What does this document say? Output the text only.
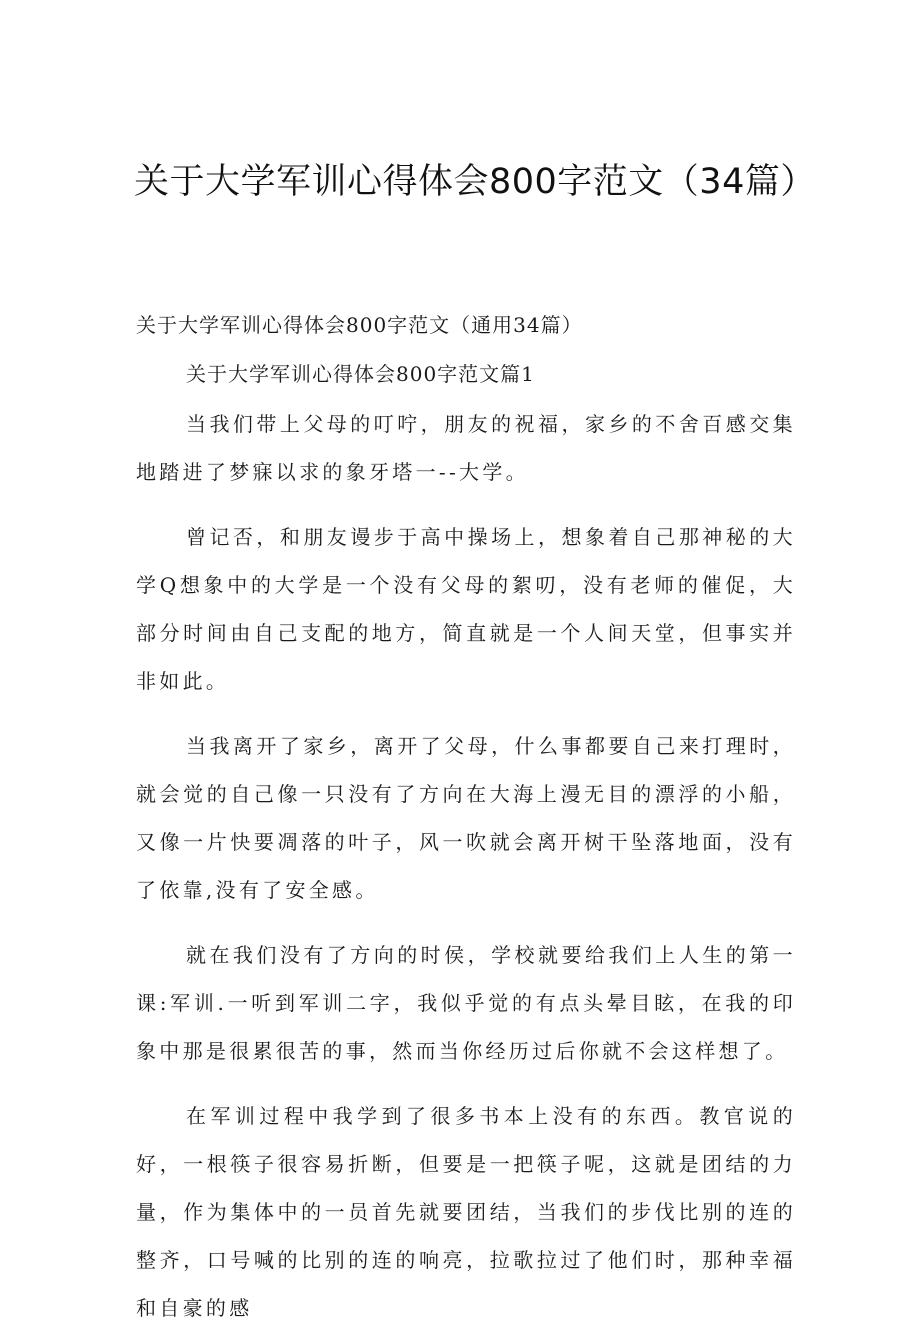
关于大学军训心得体会800字范文（34篇）

关于大学军训心得体会800字范文（通用34篇）

关于大学军训心得体会800字范文篇1

当我们带上父母的叮咛，朋友的祝福，家乡的不舍百感交集地踏进了梦寐以求的象牙塔一--大学。

曾记否，和朋友谩步于高中操场上，想象着自己那神秘的大学Q想象中的大学是一个没有父母的絮叨，没有老师的催促，大部分时间由自己支配的地方，简直就是一个人间天堂，但事实并非如此。

当我离开了家乡，离开了父母，什么事都要自己来打理时，就会觉的自己像一只没有了方向在大海上漫无目的漂浮的小船，又像一片快要凋落的叶子，风一吹就会离开树干坠落地面，没有了依靠,没有了安全感。

就在我们没有了方向的时侯，学校就要给我们上人生的第一课:军训.一听到军训二字，我似乎觉的有点头晕目眩，在我的印象中那是很累很苦的事，然而当你经历过后你就不会这样想了。

在军训过程中我学到了很多书本上没有的东西。教官说的好，一根筷子很容易折断，但要是一把筷子呢，这就是团结的力量，作为集体中的一员首先就要团结，当我们的步伐比别的连的整齐，口号喊的比别的连的响亮，拉歌拉过了他们时，那种幸福和自豪的感
